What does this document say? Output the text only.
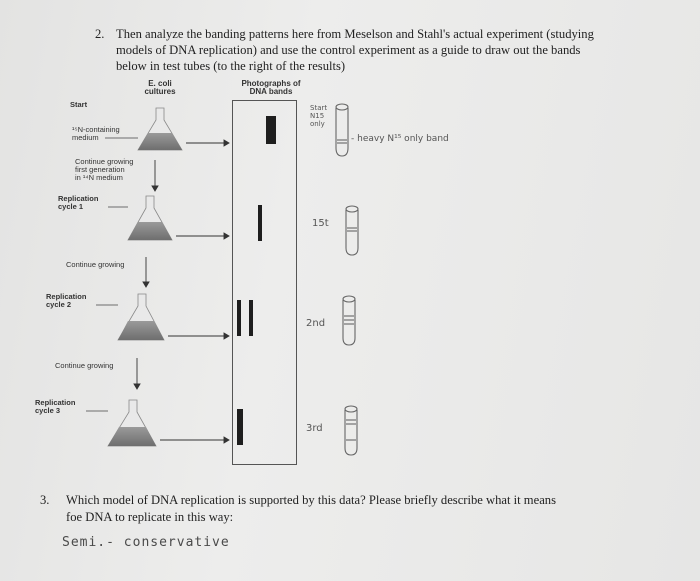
2. Then analyze the banding patterns here from Meselson and Stahl's actual experiment (studying
models of DNA replication) and use the control experiment as a guide to draw out the bands
below in test tubes (to the right of the results)
E. coli cultures
Photographs of DNA bands
Start
¹⁵N-containing
medium
Continue growing
first generation
in ¹⁴N medium
Replication
cycle 1
Continue growing
Replication
cycle 2
Continue growing
Replication
cycle 3
Start
N15
only
- heavy N¹⁵ only band
15t
2nd
3rd
3. Which model of DNA replication is supported by this data? Please briefly describe what it means
foe DNA to replicate in this way:
Semi.- conservative
